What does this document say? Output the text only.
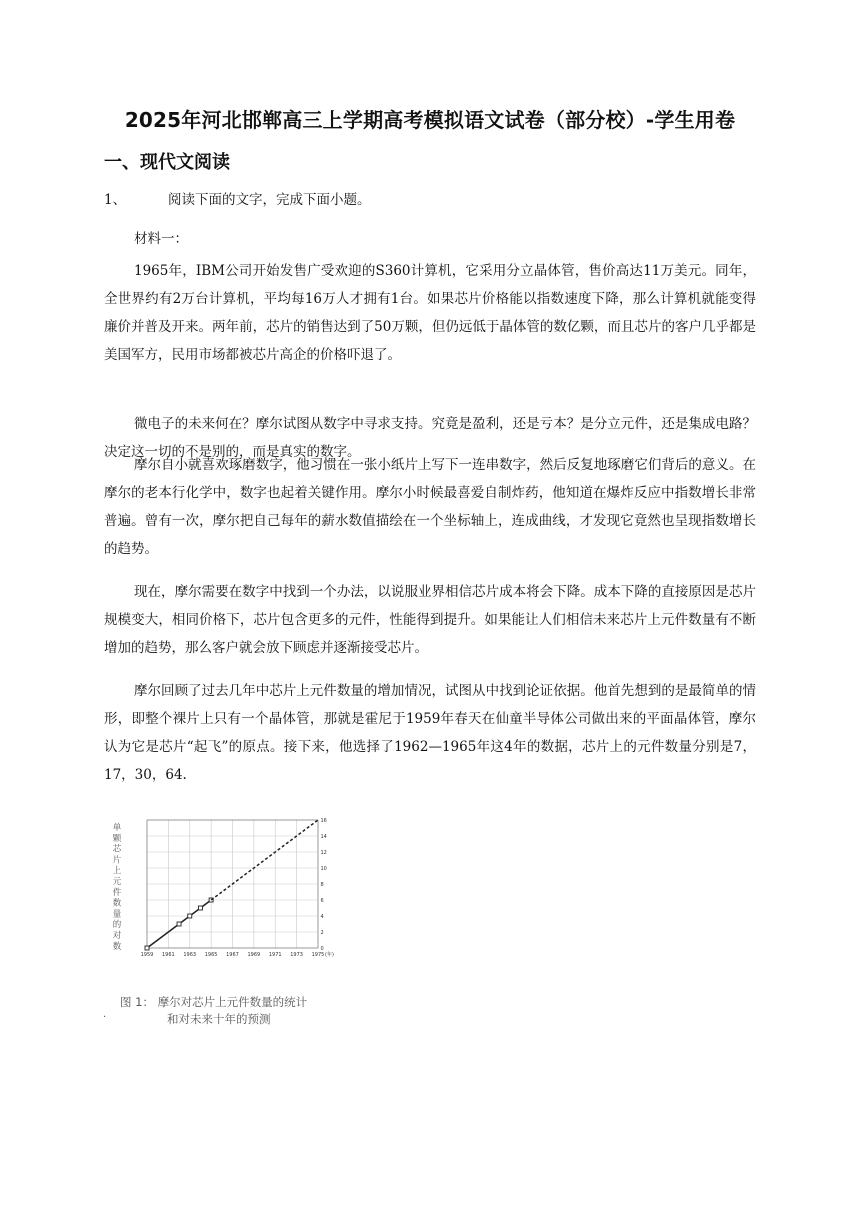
2025年河北邯郸高三上学期高考模拟语文试卷（部分校）-学生用卷
一、现代文阅读
1、	阅读下面的文字，完成下面小题。
材料一：

1965年，IBM公司开始发售广受欢迎的S360计算机，它采用分立晶体管，售价高达11万美元。同年，全世界约有2万台计算机，平均每16万人才拥有1台。如果芯片价格能以指数速度下降，那么计算机就能变得廉价并普及开来。两年前，芯片的销售达到了50万颗，但仍远低于晶体管的数亿颗，而且芯片的客户几乎都是美国军方，民用市场都被芯片高企的价格吓退了。

微电子的未来何在？摩尔试图从数字中寻求支持。究竟是盈利，还是亏本？是分立元件，还是集成电路？决定这一切的不是别的，而是真实的数字。

摩尔自小就喜欢琢磨数字，他习惯在一张小纸片上写下一连串数字，然后反复地琢磨它们背后的意义。在摩尔的老本行化学中，数字也起着关键作用。摩尔小时候最喜爱自制炸药，他知道在爆炸反应中指数增长非常普遍。曾有一次，摩尔把自己每年的薪水数值描绘在一个坐标轴上，连成曲线，才发现它竟然也呈现指数增长的趋势。

现在，摩尔需要在数字中找到一个办法，以说服业界相信芯片成本将会下降。成本下降的直接原因是芯片规模变大，相同价格下，芯片包含更多的元件，性能得到提升。如果能让人们相信未来芯片上元件数量有不断增加的趋势，那么客户就会放下顾虑并逐渐接受芯片。

摩尔回顾了过去几年中芯片上元件数量的增加情况，试图从中找到论证依据。他首先想到的是最简单的情形，即整个裸片上只有一个晶体管，那就是霍尼于1959年春天在仙童半导体公司做出来的平面晶体管，摩尔认为它是芯片“起飞”的原点。接下来，他选择了1962—1965年这4年的数据，芯片上的元件数量分别是7，17，30，64.

1959 1961 1963 1965 1967 1969 1971 1973 1975
0
2
4
6
8
10
12
14
16
(年)
单颗芯片上元件数量的对数
图 1： 摩尔对芯片上元件数量的统计
和对未来十年的预测
·
